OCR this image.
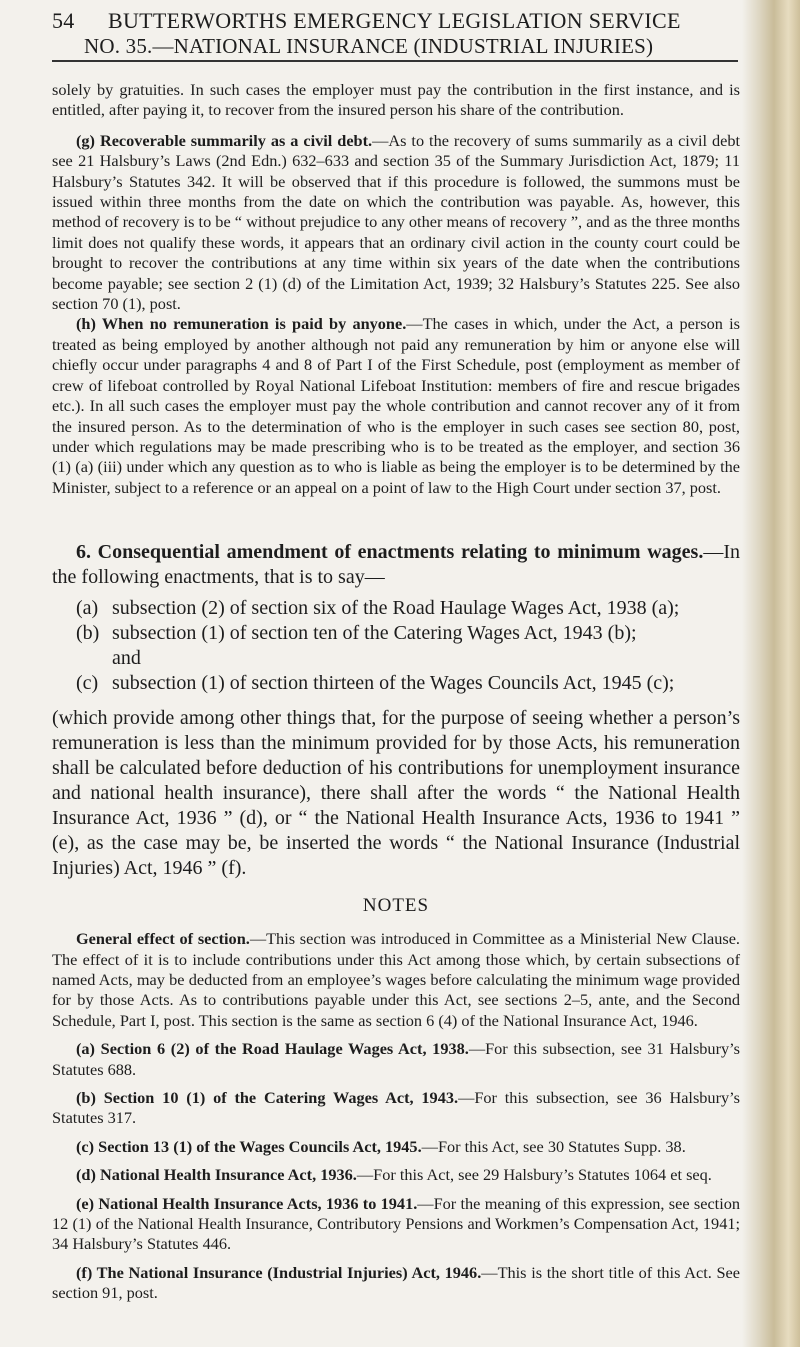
54 BUTTERWORTHS EMERGENCY LEGISLATION SERVICE
NO. 35.—NATIONAL INSURANCE (INDUSTRIAL INJURIES)

solely by gratuities. In such cases the employer must pay the contribution in the first instance, and is entitled, after paying it, to recover from the insured person his share of the contribution.

(g) Recoverable summarily as a civil debt.—As to the recovery of sums summarily as a civil debt see 21 Halsbury’s Laws (2nd Edn.) 632–633 and section 35 of the Summary Jurisdiction Act, 1879; 11 Halsbury’s Statutes 342. It will be observed that if this procedure is followed, the summons must be issued within three months from the date on which the contribution was payable. As, however, this method of recovery is to be “ without prejudice to any other means of recovery ”, and as the three months limit does not qualify these words, it appears that an ordinary civil action in the county court could be brought to recover the contributions at any time within six years of the date when the contributions become payable; see section 2 (1) (d) of the Limitation Act, 1939; 32 Halsbury’s Statutes 225. See also section 70 (1), post.

(h) When no remuneration is paid by anyone.—The cases in which, under the Act, a person is treated as being employed by another although not paid any remuneration by him or anyone else will chiefly occur under paragraphs 4 and 8 of Part I of the First Schedule, post (employment as member of crew of lifeboat controlled by Royal National Lifeboat Institution: members of fire and rescue brigades etc.). In all such cases the employer must pay the whole contribution and cannot recover any of it from the insured person. As to the determination of who is the employer in such cases see section 80, post, under which regulations may be made prescribing who is to be treated as the employer, and section 36 (1) (a) (iii) under which any question as to who is liable as being the employer is to be determined by the Minister, subject to a reference or an appeal on a point of law to the High Court under section 37, post.

6. Consequential amendment of enactments relating to minimum wages.—In the following enactments, that is to say—

(a) subsection (2) of section six of the Road Haulage Wages Act, 1938 (a);
(b) subsection (1) of section ten of the Catering Wages Act, 1943 (b);
and
(c) subsection (1) of section thirteen of the Wages Councils Act, 1945 (c);

(which provide among other things that, for the purpose of seeing whether a person’s remuneration is less than the minimum provided for by those Acts, his remuneration shall be calculated before deduction of his contributions for unemployment insurance and national health insurance), there shall after the words “ the National Health Insurance Act, 1936 ” (d), or “ the National Health Insurance Acts, 1936 to 1941 ” (e), as the case may be, be inserted the words “ the National Insurance (Industrial Injuries) Act, 1946 ” (f).

NOTES

General effect of section.—This section was introduced in Committee as a Ministerial New Clause. The effect of it is to include contributions under this Act among those which, by certain subsections of named Acts, may be deducted from an employee’s wages before calculating the minimum wage provided for by those Acts. As to contributions payable under this Act, see sections 2–5, ante, and the Second Schedule, Part I, post. This section is the same as section 6 (4) of the National Insurance Act, 1946.

(a) Section 6 (2) of the Road Haulage Wages Act, 1938.—For this subsection, see 31 Halsbury’s Statutes 688.

(b) Section 10 (1) of the Catering Wages Act, 1943.—For this subsection, see 36 Halsbury’s Statutes 317.

(c) Section 13 (1) of the Wages Councils Act, 1945.—For this Act, see 30 Statutes Supp. 38.

(d) National Health Insurance Act, 1936.—For this Act, see 29 Halsbury’s Statutes 1064 et seq.

(e) National Health Insurance Acts, 1936 to 1941.—For the meaning of this expression, see section 12 (1) of the National Health Insurance, Contributory Pensions and Workmen’s Compensation Act, 1941; 34 Halsbury’s Statutes 446.

(f) The National Insurance (Industrial Injuries) Act, 1946.—This is the short title of this Act. See section 91, post.
